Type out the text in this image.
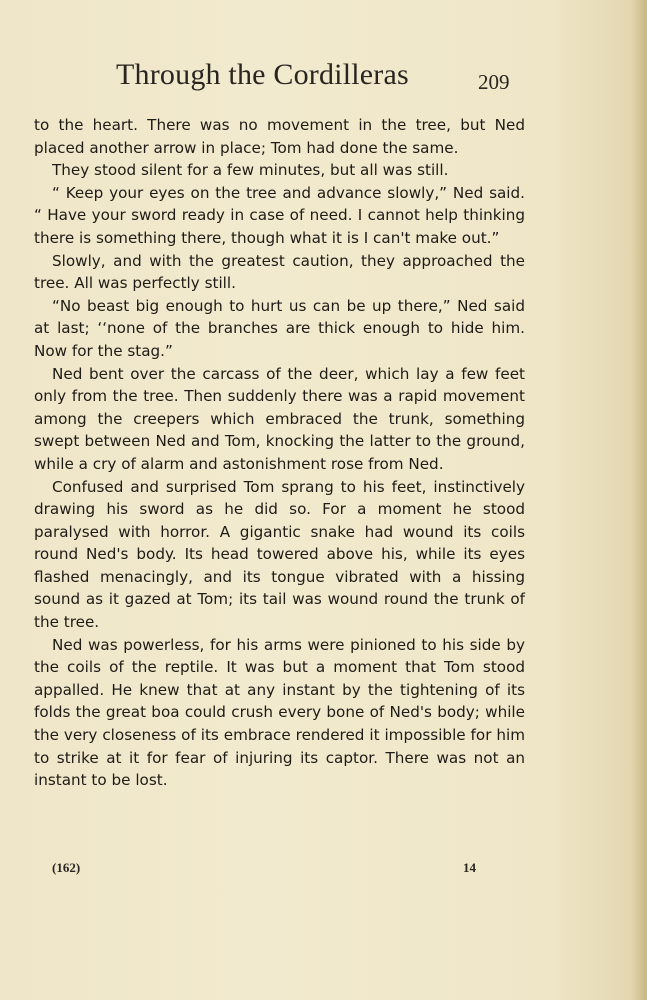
Through the Cordilleras	209

to the heart. There was no movement in the tree, but Ned placed another arrow in place; Tom had done the same.

They stood silent for a few minutes, but all was still.

“ Keep your eyes on the tree and advance slowly,” Ned said. “ Have your sword ready in case of need. I cannot help thinking there is something there, though what it is I can't make out.”

Slowly, and with the greatest caution, they approached the tree. All was perfectly still.

“No beast big enough to hurt us can be up there,” Ned said at last; ‘‘none of the branches are thick enough to hide him. Now for the stag.”

Ned bent over the carcass of the deer, which lay a few feet only from the tree. Then suddenly there was a rapid movement among the creepers which embraced the trunk, something swept between Ned and Tom, knocking the latter to the ground, while a cry of alarm and astonishment rose from Ned.

Confused and surprised Tom sprang to his feet, instinctively drawing his sword as he did so. For a moment he stood paralysed with horror. A gigantic snake had wound its coils round Ned's body. Its head towered above his, while its eyes flashed menacingly, and its tongue vibrated with a hissing sound as it gazed at Tom; its tail was wound round the trunk of the tree.

Ned was powerless, for his arms were pinioned to his side by the coils of the reptile. It was but a moment that Tom stood appalled. He knew that at any instant by the tightening of its folds the great boa could crush every bone of Ned's body; while the very closeness of its embrace rendered it impossible for him to strike at it for fear of injuring its captor. There was not an instant to be lost.

(162)	14
